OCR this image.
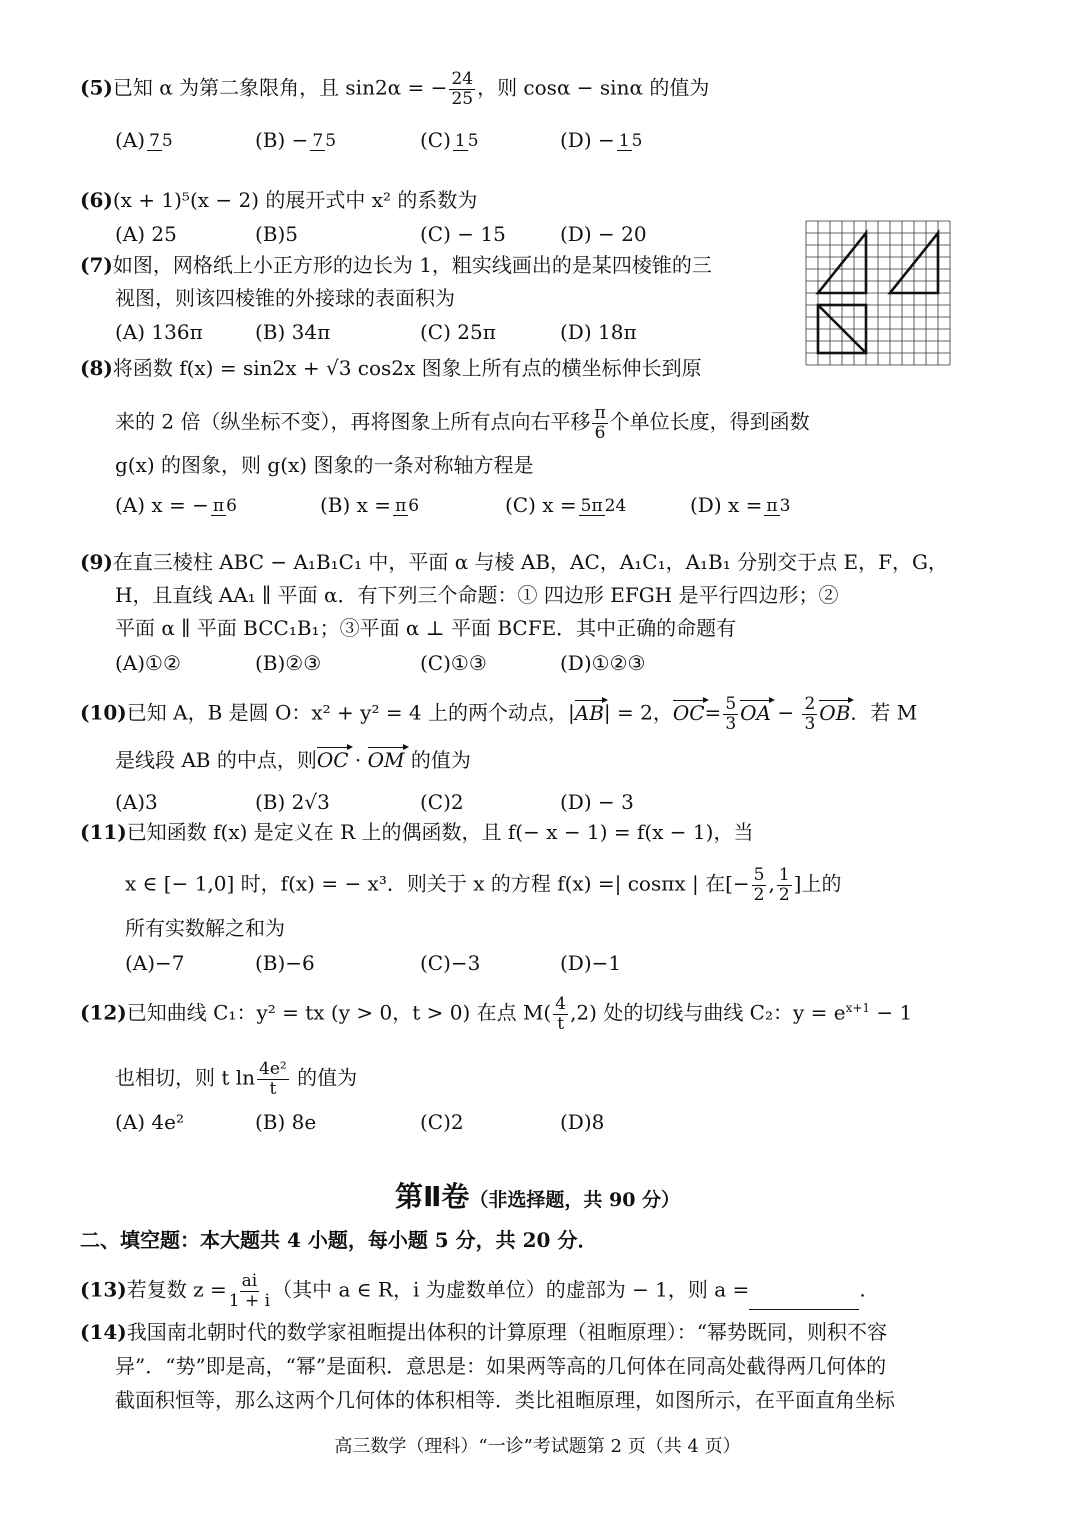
(5)已知 α 为第二象限角，且 sin2α = − $\frac{24}{25}$ ，则 cosα − sinα 的值为
(A) 7 5	(B) − 7 5	(C) 1 5	(D) − 1 5
(6)(x + 1)⁵(x − 2) 的展开式中 x² 的系数为
(A) 25	(B)5	(C) − 15	(D) − 20
(7)如图，网格纸上小正方形的边长为 1，粗实线画出的是某四棱锥的三
视图，则该四棱锥的外接球的表面积为
(A) 136π	(B) 34π	(C) 25π	(D) 18π
(8)将函数 f(x) = sin2x + √3 cos2x 图象上所有点的横坐标伸长到原
来的 2 倍（纵坐标不变），再将图象上所有点向右平移 $\frac{\pi}{6}$ 个单位长度，得到函数
g(x) 的图象，则 g(x) 图象的一条对称轴方程是
(A) x = − π 6	(B) x = π 6	(C) x = 5π 24	(D) x = π 3
(9)在直三棱柱 ABC − A₁B₁C₁ 中，平面 α 与棱 AB，AC，A₁C₁，A₁B₁ 分别交于点 E，F，G，
H，且直线 AA₁ ∥ 平面 α．有下列三个命题：① 四边形 EFGH 是平行四边形；②
平面 α ∥ 平面 BCC₁B₁；③平面 α ⊥ 平面 BCFE．其中正确的命题有
(A)①②	(B)②③	(C)①③	(D)①②③
(10)已知 A，B 是圆 O：x² + y² = 4 上的两个动点，|AB| = 2，$OC= \frac{5}{3}$ OA − $\frac{2}{3}$ OB．若 M
是线段 AB 的中点，则OC · OM 的值为
(A)3	(B) 2√3	(C)2	(D) − 3
(11)已知函数 f(x) 是定义在 R 上的偶函数，且 f(− x − 1) = f(x − 1)，当
x ∈ [− 1,0] 时，f(x) = − x³．则关于 x 的方程 f(x) =| cosπx | 在[− $\frac{5}{2}$ , $\frac{1}{2}$ ]上的
所有实数解之和为
(A)−7	(B)−6	(C)−3	(D)−1
(12)已知曲线 C₁：y² = tx (y > 0，t > 0) 在点 $M( \frac{4}{t} ,2)$ 处的切线与曲线 C₂：$y = e^{x+1} - 1$
也相切，则 t $\ln \frac{\text{4e²}}{t}$ 的值为
(A) 4e²	(B) 8e	(C)2	(D)8
第Ⅱ卷（非选择题，共 90 分）
二、填空题：本大题共 4 小题，每小题 5 分，共 20 分．
(13)若复数 $z = \frac{ai}{1 + i}$ （其中 a ∈ R，i 为虚数单位）的虚部为 − 1，则 a =	.
(14)我国南北朝时代的数学家祖暅提出体积的计算原理（祖暅原理）：“幂势既同，则积不容
异”．“势”即是高，“幂”是面积．意思是：如果两等高的几何体在同高处截得两几何体的
截面积恒等，那么这两个几何体的体积相等．类比祖暅原理，如图所示，在平面直角坐标
高三数学（理科）“一诊”考试题第 2 页（共 4 页）
